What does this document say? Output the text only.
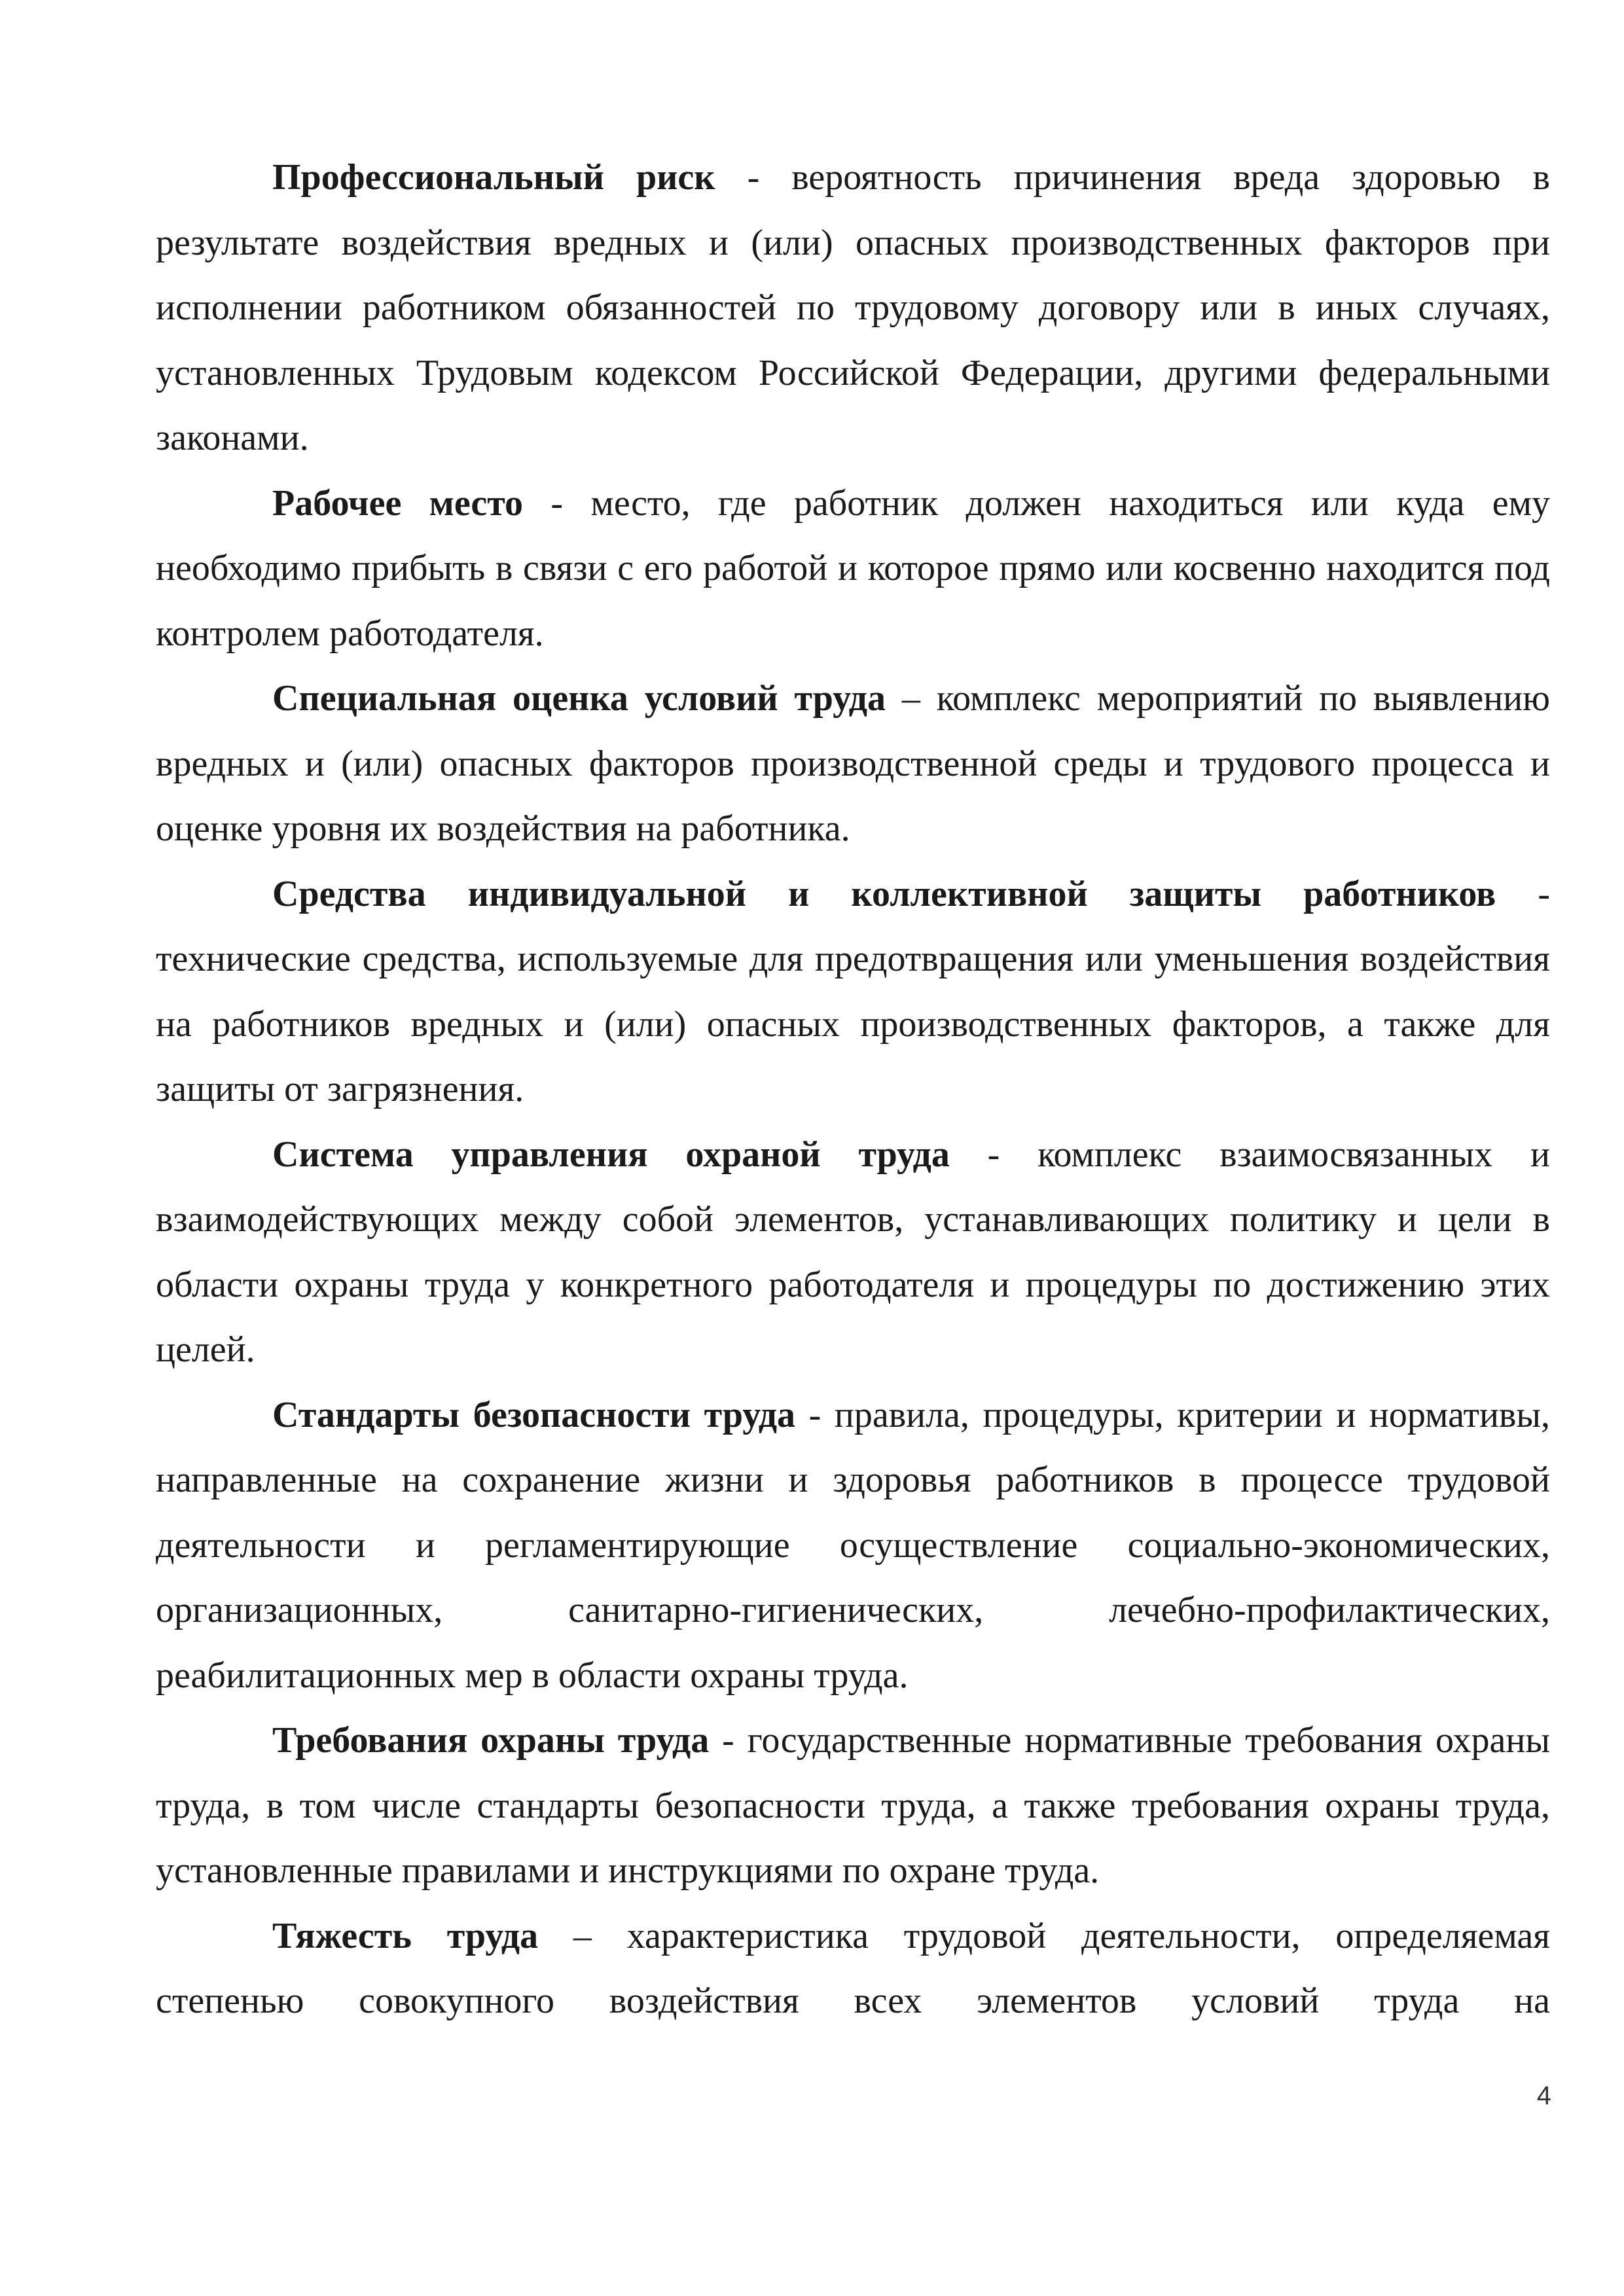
Профессиональный риск - вероятность причинения вреда здоровью в результате воздействия вредных и (или) опасных производственных факторов при исполнении работником обязанностей по трудовому договору или в иных случаях, установленных Трудовым кодексом Российской Федерации, другими федеральными законами.

Рабочее место - место, где работник должен находиться или куда ему необходимо прибыть в связи с его работой и которое прямо или косвенно находится под контролем работодателя.

Специальная оценка условий труда – комплекс мероприятий по выявлению вредных и (или) опасных факторов производственной среды и трудового процесса и оценке уровня их воздействия на работника.

Средства индивидуальной и коллективной защиты работников - технические средства, используемые для предотвращения или уменьшения воздействия на работников вредных и (или) опасных производственных факторов, а также для защиты от загрязнения.

Система управления охраной труда - комплекс взаимосвязанных и взаимодействующих между собой элементов, устанавливающих политику и цели в области охраны труда у конкретного работодателя и процедуры по достижению этих целей.

Стандарты безопасности труда - правила, процедуры, критерии и нормативы, направленные на сохранение жизни и здоровья работников в процессе трудовой деятельности и регламентирующие осуществление социально-экономических, организационных, санитарно-гигиенических, лечебно-профилактических, реабилитационных мер в области охраны труда.

Требования охраны труда - государственные нормативные требования охраны труда, в том числе стандарты безопасности труда, а также требования охраны труда, установленные правилами и инструкциями по охране труда.

Тяжесть труда – характеристика трудовой деятельности, определяемая степенью совокупного воздействия всех элементов условий труда на

4
